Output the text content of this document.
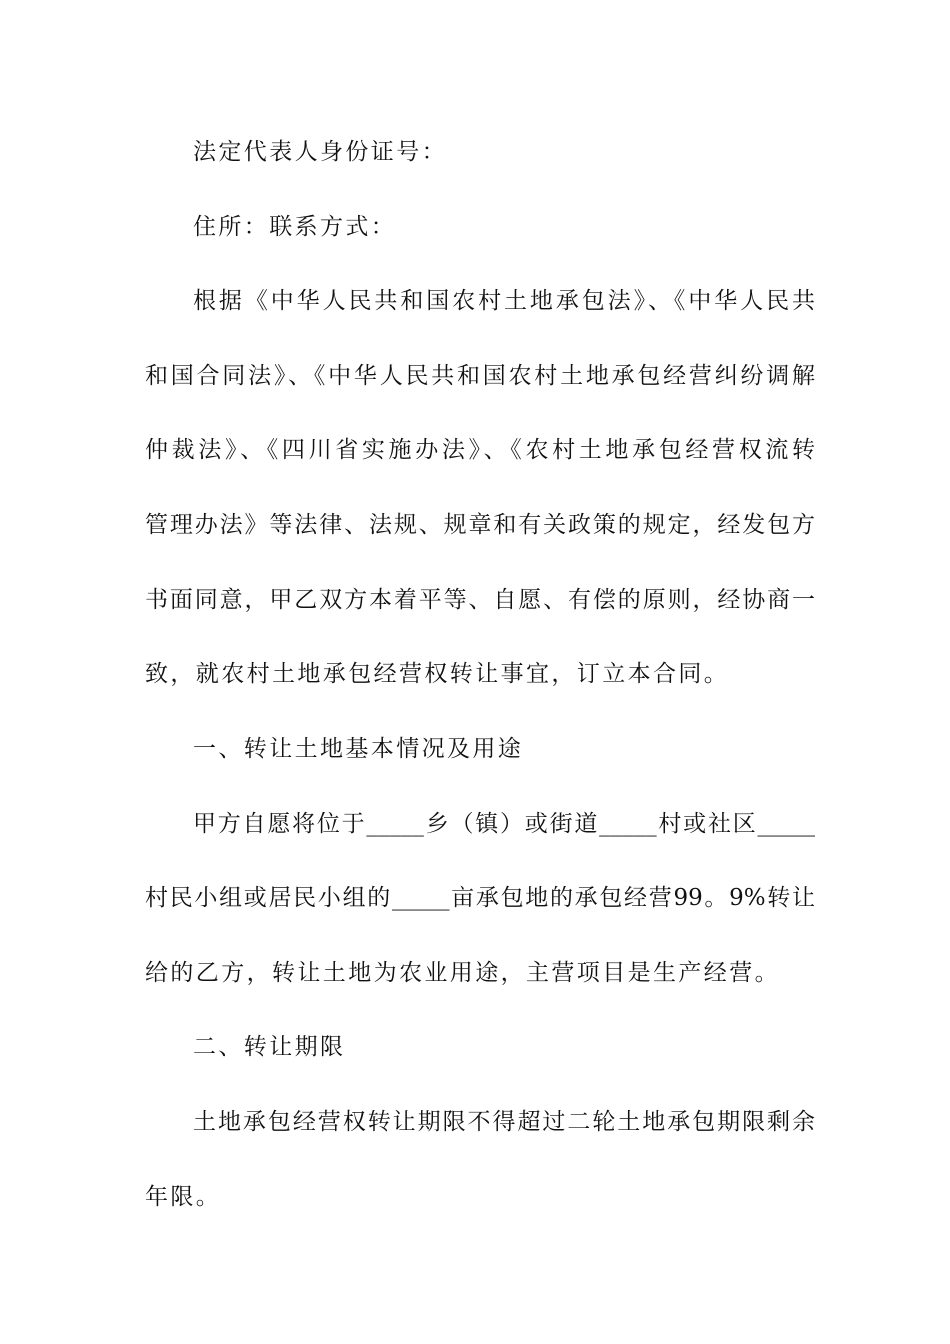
法定代表人身份证号：
住所：联系方式：
根据《中华人民共和国农村土地承包法》、《中华人民共
和国合同法》、《中华人民共和国农村土地承包经营纠纷调解
仲裁法》、《四川省实施办法》、《农村土地承包经营权流转
管理办法》等法律、法规、规章和有关政策的规定，经发包方
书面同意，甲乙双方本着平等、自愿、有偿的原则，经协商一
致，就农村土地承包经营权转让事宜，订立本合同。
一、转让土地基本情况及用途
甲方自愿将位于_____乡（镇）或街道_____村或社区_____
村民小组或居民小组的_____亩承包地的承包经营99。9%转让
给的乙方，转让土地为农业用途，主营项目是生产经营。
二、转让期限
土地承包经营权转让期限不得超过二轮土地承包期限剩余
年限。
